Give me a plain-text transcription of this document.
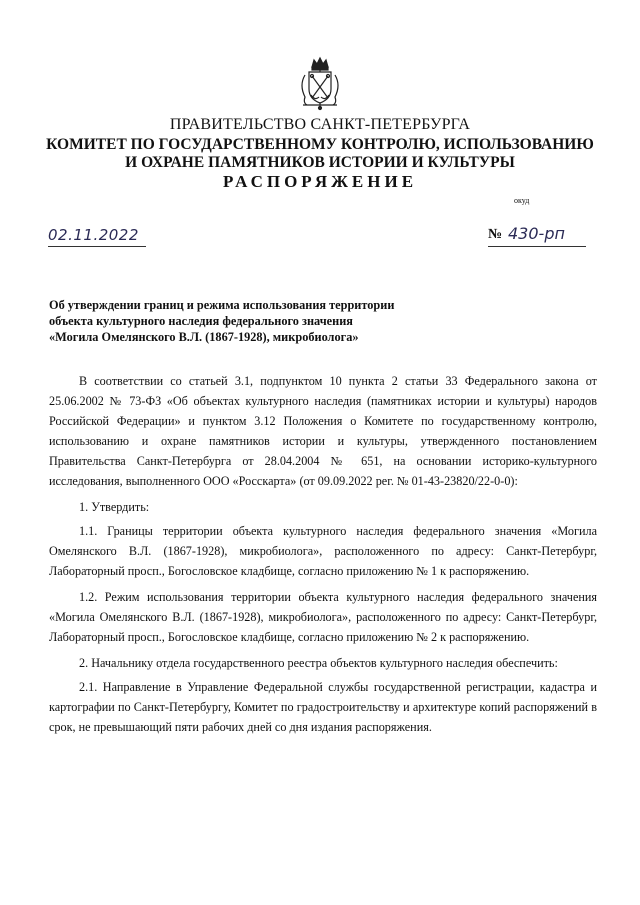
ПРАВИТЕЛЬСТВО САНКТ-ПЕТЕРБУРГА
КОМИТЕТ ПО ГОСУДАРСТВЕННОМУ КОНТРОЛЮ, ИСПОЛЬЗОВАНИЮ
И ОХРАНЕ ПАМЯТНИКОВ ИСТОРИИ И КУЛЬТУРЫ
РАСПОРЯЖЕНИЕ
окуд
02.11.2022	№ 430-рп
Об утверждении границ и режима использования территории
объекта культурного наследия федерального значения
«Могила Омелянского В.Л. (1867-1928), микробиолога»

В соответствии со статьей 3.1, подпунктом 10 пункта 2 статьи 33 Федерального закона от 25.06.2002 № 73-ФЗ «Об объектах культурного наследия (памятниках истории и культуры) народов Российской Федерации» и пунктом 3.12 Положения о Комитете по государственному контролю, использованию и охране памятников истории и культуры, утвержденного постановлением Правительства Санкт-Петербурга от 28.04.2004 № 651, на основании историко-культурного исследования, выполненного ООО «Росскарта» (от 09.09.2022 рег. № 01-43-23820/22-0-0):

1. Утвердить:

1.1. Границы территории объекта культурного наследия федерального значения «Могила Омелянского В.Л. (1867-1928), микробиолога», расположенного по адресу: Санкт-Петербург, Лабораторный просп., Богословское кладбище, согласно приложению № 1 к распоряжению.

1.2. Режим использования территории объекта культурного наследия федерального значения «Могила Омелянского В.Л. (1867-1928), микробиолога», расположенного по адресу: Санкт-Петербург, Лабораторный просп., Богословское кладбище, согласно приложению № 2 к распоряжению.

2. Начальнику отдела государственного реестра объектов культурного наследия обеспечить:

2.1. Направление в Управление Федеральной службы государственной регистрации, кадастра и картографии по Санкт-Петербургу, Комитет по градостроительству и архитектуре копий распоряжений в срок, не превышающий пяти рабочих дней со дня издания распоряжения.
